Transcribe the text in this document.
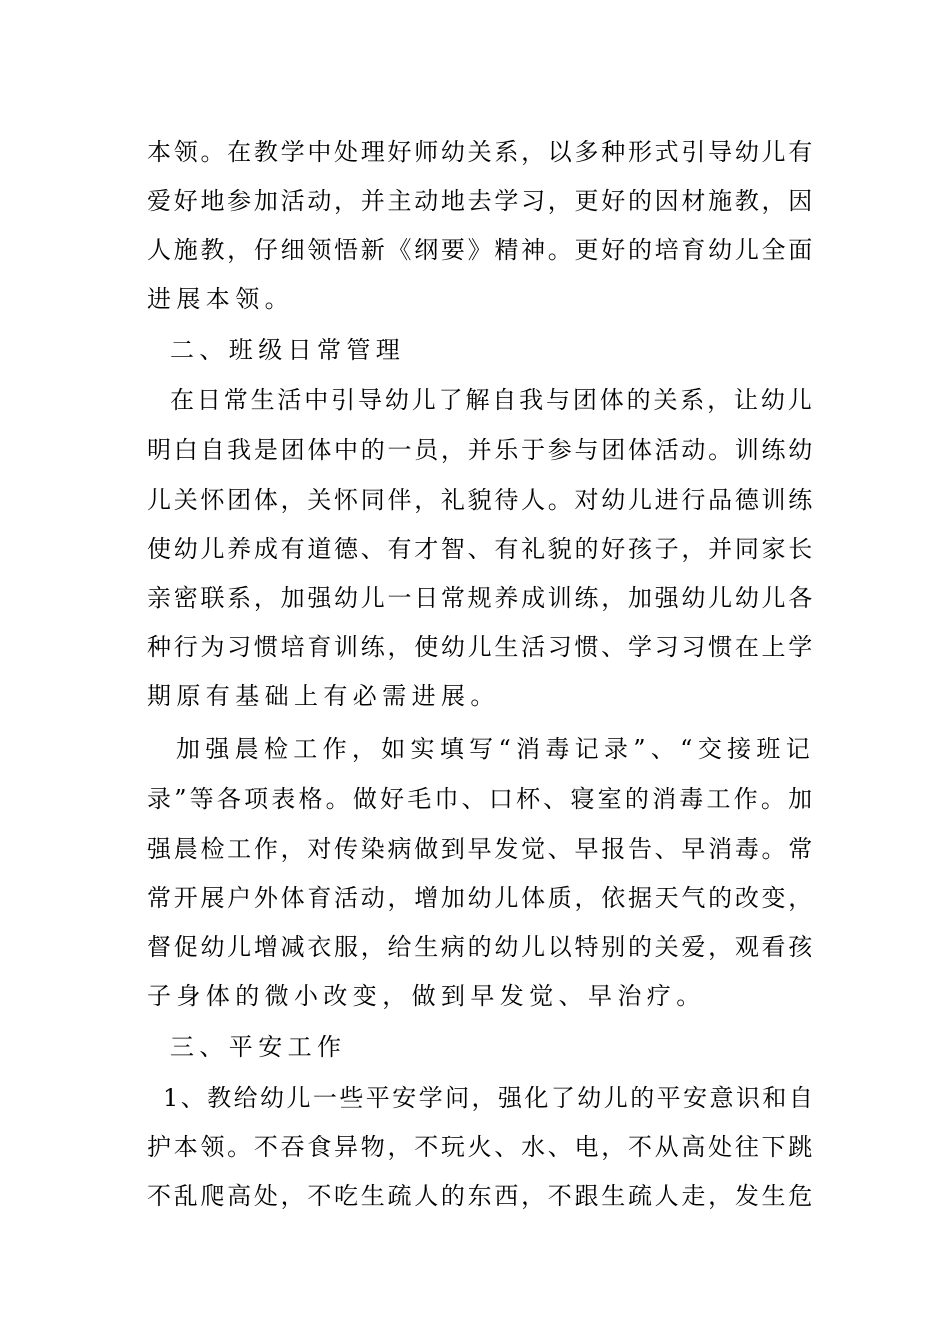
本领。在教学中处理好师幼关系，以多种形式引导幼儿有
爱好地参加活动，并主动地去学习，更好的因材施教，因
人施教，仔细领悟新《纲要》精神。更好的培育幼儿全面
进展本领。
二、班级日常管理
在日常生活中引导幼儿了解自我与团体的关系，让幼儿
明白自我是团体中的一员，并乐于参与团体活动。训练幼
儿关怀团体，关怀同伴，礼貌待人。对幼儿进行品德训练
使幼儿养成有道德、有才智、有礼貌的好孩子，并同家长
亲密联系，加强幼儿一日常规养成训练，加强幼儿幼儿各
种行为习惯培育训练，使幼儿生活习惯、学习习惯在上学
期原有基础上有必需进展。
加强晨检工作，如实填写“消毒记录”、“交接班记
录”等各项表格。做好毛巾、口杯、寝室的消毒工作。加
强晨检工作，对传染病做到早发觉、早报告、早消毒。常
常开展户外体育活动，增加幼儿体质，依据天气的改变，
督促幼儿增减衣服，给生病的幼儿以特别的关爱，观看孩
子身体的微小改变，做到早发觉、早治疗。
三、平安工作
1、教给幼儿一些平安学问，强化了幼儿的平安意识和自
护本领。不吞食异物，不玩火、水、电，不从高处往下跳
不乱爬高处，不吃生疏人的东西，不跟生疏人走，发生危
